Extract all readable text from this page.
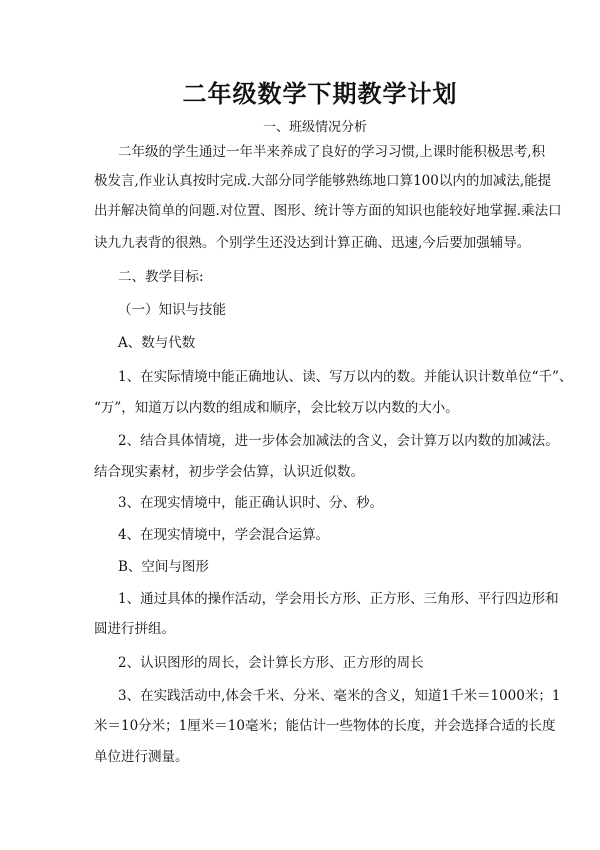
二年级数学下期教学计划
一、班级情况分析
二年级的学生通过一年半来养成了良好的学习习惯,上课时能积极思考,积
极发言,作业认真按时完成.大部分同学能够熟练地口算100以内的加减法,能提
出并解决简单的问题.对位置、图形、统计等方面的知识也能较好地掌握.乘法口
诀九九表背的很熟。个别学生还没达到计算正确、迅速,今后要加强辅导。
二、教学目标:
（一）知识与技能
A、数与代数
1、在实际情境中能正确地认、读、写万以内的数。并能认识计数单位“千”、
“万”，知道万以内数的组成和顺序，会比较万以内数的大小。
2、结合具体情境，进一步体会加减法的含义，会计算万以内数的加减法。
结合现实素材，初步学会估算，认识近似数。
3、在现实情境中，能正确认识时、分、秒。
4、在现实情境中，学会混合运算。
B、空间与图形
1、通过具体的操作活动，学会用长方形、正方形、三角形、平行四边形和
圆进行拼组。
2、认识图形的周长，会计算长方形、正方形的周长
3、在实践活动中,体会千米、分米、毫米的含义，知道1千米＝1000米；1
米＝10分米；1厘米＝10毫米；能估计一些物体的长度，并会选择合适的长度
单位进行测量。
